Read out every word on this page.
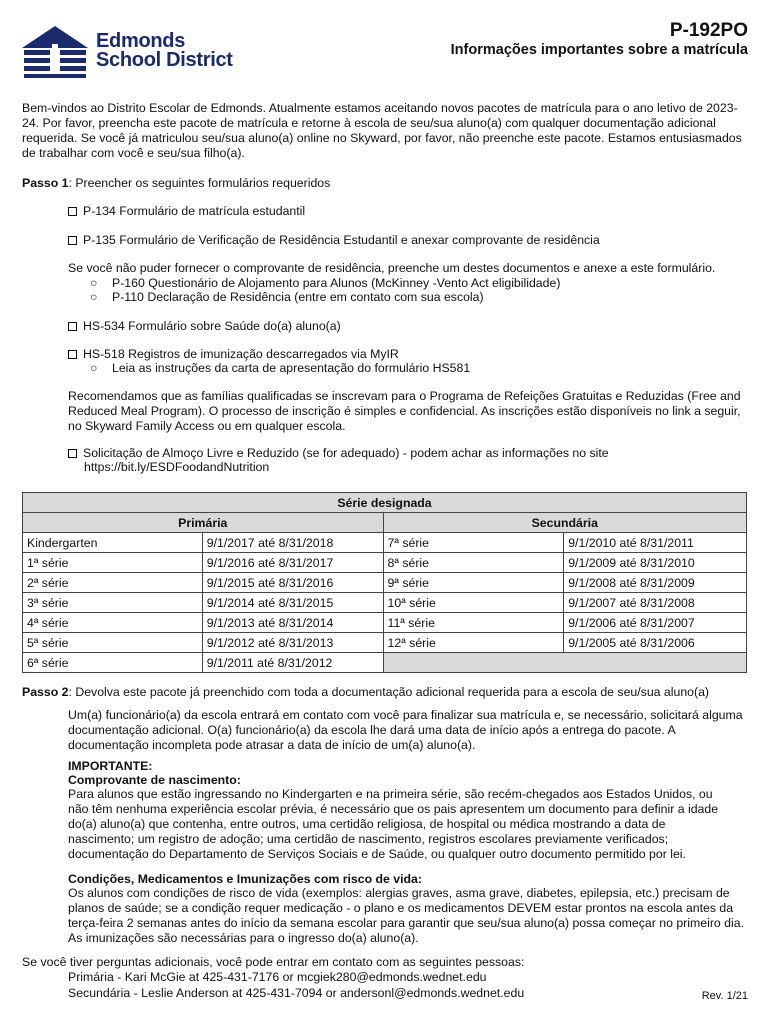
Edmonds
School District
P-192PO
Informações importantes sobre a matrícula

Bem-vindos ao Distrito Escolar de Edmonds. Atualmente estamos aceitando novos pacotes de matrícula para o ano letivo de 2023-24. Por favor, preencha este pacote de matrícula e retorne à escola de seu/sua aluno(a) com qualquer documentação adicional requerida. Se você já matriculou seu/sua aluno(a) online no Skyward, por favor, não preenche este pacote. Estamos entusiasmados de trabalhar com você e seu/sua filho(a).

Passo 1: Preencher os seguintes formulários requeridos

P-134 Formulário de matrícula estudantil

P-135 Formulário de Verificação de Residência Estudantil e anexar comprovante de residência

Se você não puder fornecer o comprovante de residência, preenche um destes documentos e anexe a este formulário.

○ P-160 Questionário de Alojamento para Alunos (McKinney -Vento Act eligibilidade)

○ P-110 Declaração de Residência (entre em contato com sua escola)

HS-534 Formulário sobre Saúde do(a) aluno(a)

HS-518 Registros de imunização descarregados via MyIR

○ Leia as instruções da carta de apresentação do formulário HS581

Recomendamos que as famílias qualificadas se inscrevam para o Programa de Refeições Gratuitas e Reduzidas (Free and Reduced Meal Program). O processo de inscrição é simples e confidencial. As inscrições estão disponíveis no link a seguir, no Skyward Family Access ou em qualquer escola.

Solicitação de Almoço Livre e Reduzido (se for adequado) - podem achar as informações no site

https://bit.ly/ESDFoodandNutrition

Série designada			
Primária		Secundária	
Kindergarten	9/1/2017 até 8/31/2018	7ª série	9/1/2010 até 8/31/2011
1ª série	9/1/2016 até 8/31/2017	8ª série	9/1/2009 até 8/31/2010
2ª série	9/1/2015 até 8/31/2016	9ª série	9/1/2008 até 8/31/2009
3ª série	9/1/2014 até 8/31/2015	10ª série	9/1/2007 até 8/31/2008
4ª série	9/1/2013 até 8/31/2014	11ª série	9/1/2006 até 8/31/2007
5ª série	9/1/2012 até 8/31/2013	12ª série	9/1/2005 até 8/31/2006
6ª série	9/1/2011 até 8/31/2012		

Passo 2: Devolva este pacote já preenchido com toda a documentação adicional requerida para a escola de seu/sua aluno(a)

Um(a) funcionário(a) da escola entrará em contato com você para finalizar sua matrícula e, se necessário, solicitará alguma documentação adicional. O(a) funcionário(a) da escola lhe dará uma data de início após a entrega do pacote. A documentação incompleta pode atrasar a data de início de um(a) aluno(a).

IMPORTANTE:

Comprovante de nascimento:

Para alunos que estão ingressando no Kindergarten e na primeira série, são recém-chegados aos Estados Unidos, ou não têm nenhuma experiência escolar prévia, é necessário que os pais apresentem um documento para definir a idade do(a) aluno(a) que contenha, entre outros, uma certidão religiosa, de hospital ou médica mostrando a data de nascimento; um registro de adoção; uma certidão de nascimento, registros escolares previamente verificados; documentação do Departamento de Serviços Sociais e de Saúde, ou qualquer outro documento permitido por lei.

Condições, Medicamentos e Imunizações com risco de vida:

Os alunos com condições de risco de vida (exemplos: alergias graves, asma grave, diabetes, epilepsia, etc.) precisam de planos de saúde; se a condição requer medicação - o plano e os medicamentos DEVEM estar prontos na escola antes da terça-feira 2 semanas antes do início da semana escolar para garantir que seu/sua aluno(a) possa começar no primeiro dia. As imunizações são necessárias para o ingresso do(a) aluno(a).

Se você tiver perguntas adicionais, você pode entrar em contato com as seguintes pessoas:

Primária - Kari McGie at 425-431-7176 or mcgiek280@edmonds.wednet.edu

Secundária - Leslie Anderson at 425-431-7094 or andersonl@edmonds.wednet.edu	Rev. 1/21
